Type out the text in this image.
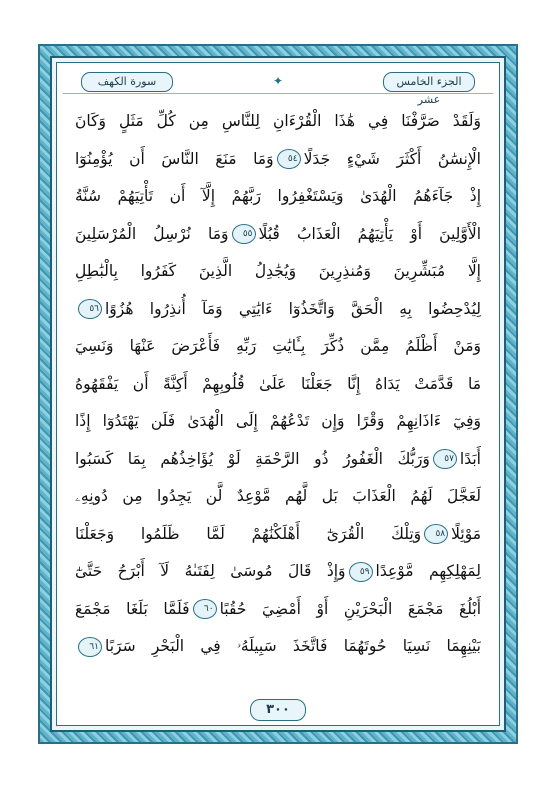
الجزء الخامس عشر
✦
سورة الكهف
وَلَقَدْ صَرَّفْنَا فِي هَٰذَا الْقُرْءَانِ لِلنَّاسِ مِن كُلِّ مَثَلٍ وَكَانَ
الْإِنسَٰنُ أَكْثَرَ شَيْءٍ جَدَلًا٥٤وَمَا مَنَعَ النَّاسَ أَن يُؤْمِنُوٓا
إِذْ جَآءَهُمُ الْهُدَىٰ وَيَسْتَغْفِرُوا رَبَّهُمْ إِلَّآ أَن تَأْتِيَهُمْ سُنَّةُ
الْأَوَّلِينَ أَوْ يَأْتِيَهُمُ الْعَذَابُ قُبُلًا٥٥وَمَا نُرْسِلُ الْمُرْسَلِينَ
إِلَّا مُبَشِّرِينَ وَمُنذِرِينَ وَيُجَٰدِلُ الَّذِينَ كَفَرُوا بِالْبَٰطِلِ
لِيُدْحِضُوا بِهِ الْحَقَّ وَاتَّخَذُوٓا ءَايَٰتِي وَمَآ أُنذِرُوا هُزُوًا٥٦
وَمَنْ أَظْلَمُ مِمَّن ذُكِّرَ بِـَٔايَٰتِ رَبِّهِ فَأَعْرَضَ عَنْهَا وَنَسِيَ
مَا قَدَّمَتْ يَدَاهُ إِنَّا جَعَلْنَا عَلَىٰ قُلُوبِهِمْ أَكِنَّةً أَن يَفْقَهُوهُ
وَفِيٓ ءَاذَانِهِمْ وَقْرًا وَإِن تَدْعُهُمْ إِلَى الْهُدَىٰ فَلَن يَهْتَدُوٓا إِذًا
أَبَدًا٥٧وَرَبُّكَ الْغَفُورُ ذُو الرَّحْمَةِ لَوْ يُؤَاخِذُهُم بِمَا كَسَبُوا
لَعَجَّلَ لَهُمُ الْعَذَابَ بَل لَّهُم مَّوْعِدٌ لَّن يَجِدُوا مِن دُونِهِۦ
مَوْئِلًا٥٨وَتِلْكَ الْقُرَىٰٓ أَهْلَكْنَٰهُمْ لَمَّا ظَلَمُوا وَجَعَلْنَا
لِمَهْلِكِهِم مَّوْعِدًا٥٩وَإِذْ قَالَ مُوسَىٰ لِفَتَىٰهُ لَآ أَبْرَحُ حَتَّىٰٓ
أَبْلُغَ مَجْمَعَ الْبَحْرَيْنِ أَوْ أَمْضِيَ حُقُبًا٦٠فَلَمَّا بَلَغَا مَجْمَعَ
بَيْنِهِمَا نَسِيَا حُوتَهُمَا فَاتَّخَذَ سَبِيلَهُۥ فِي الْبَحْرِ سَرَبًا٦١
٣٠٠
